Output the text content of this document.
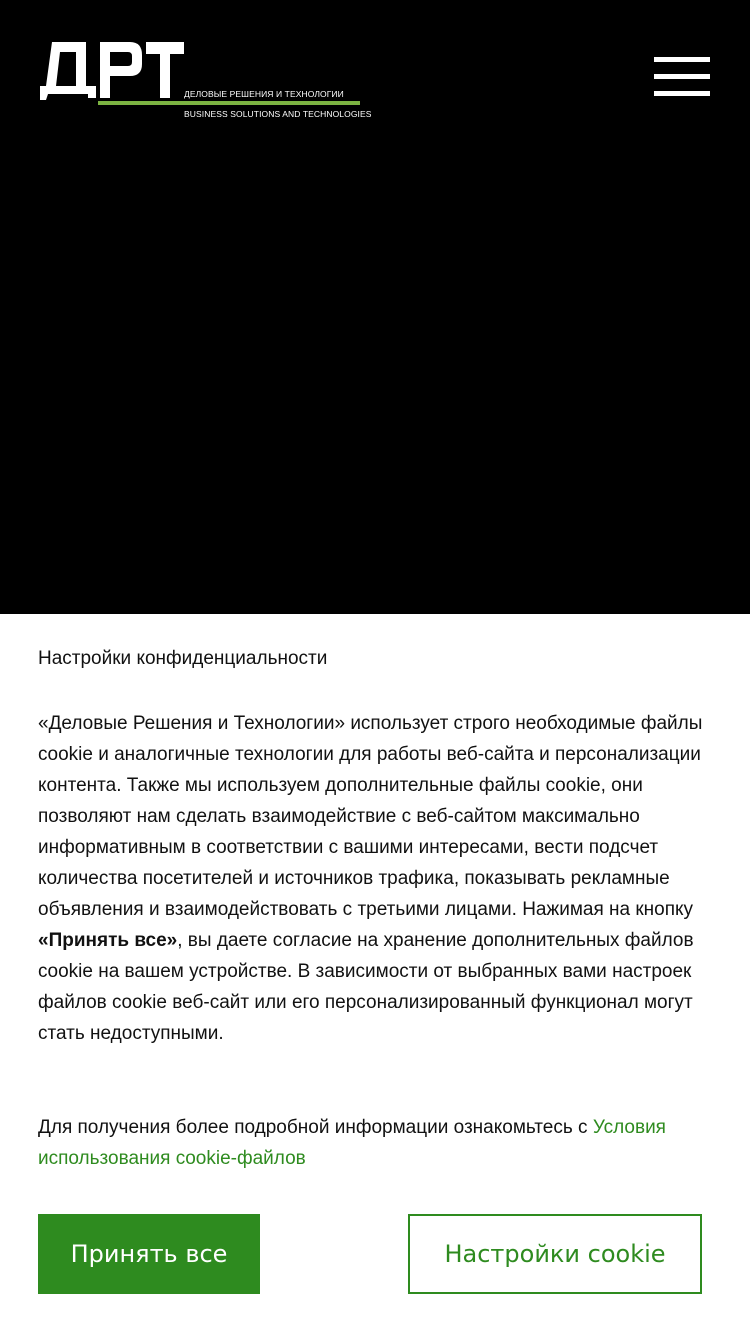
ДЕЛОВЫЕ РЕШЕНИЯ И ТЕХНОЛОГИИ
BUSINESS SOLUTIONS AND TECHNOLOGIES
Настройки конфиденциальности

«Деловые Решения и Технологии» использует строго необходимые файлы cookie и аналогичные технологии для работы веб-сайта и персонализации контента. Также мы используем дополнительные файлы cookie, они позволяют нам сделать взаимодействие с веб-сайтом максимально информативным в соответствии с вашими интересами, вести подсчет количества посетителей и источников трафика, показывать рекламные объявления и взаимодействовать с третьими лицами. Нажимая на кнопку «Принять все», вы даете согласие на хранение дополнительных файлов cookie на вашем устройстве. В зависимости от выбранных вами настроек файлов cookie веб-сайт или его персонализированный функционал могут стать недоступными.

Для получения более подробной информации ознакомьтесь с Условия использования cookie-файлов

Принять все	Настройки cookie
